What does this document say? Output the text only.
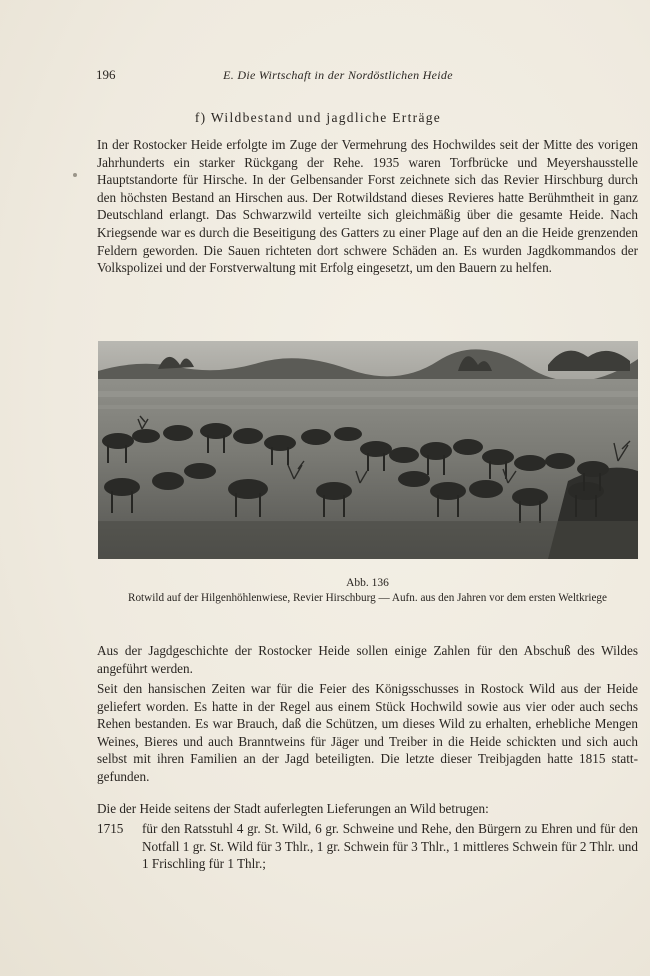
196	E. Die Wirtschaft in der Nordöstlichen Heide
f) Wildbestand und jagdliche Erträge

In der Rostocker Heide erfolgte im Zuge der Vermehrung des Hochwildes seit der Mitte des vorigen Jahrhunderts ein starker Rückgang der Rehe. 1935 waren Torfbrücke und Meyershausstelle Hauptstandorte für Hirsche. In der Gelbensander Forst zeichnete sich das Revier Hirschburg durch den höchsten Bestand an Hirschen aus. Der Rotwildstand dieses Revieres hatte Berühmtheit in ganz Deutschland erlangt. Das Schwarzwild verteilte sich gleichmäßig über die gesamte Heide. Nach Kriegsende war es durch die Beseitigung des Gatters zu einer Plage auf den an die Heide grenzenden Feldern geworden. Die Sauen richteten dort schwere Schäden an. Es wurden Jagdkommandos der Volkspolizei und der Forstverwaltung mit Erfolg eingesetzt, um den Bauern zu helfen.

Abb. 136

Rotwild auf der Hilgenhöhlenwiese, Revier Hirschburg — Aufn. aus den Jahren vor dem ersten Weltkriege

Aus der Jagdgeschichte der Rostocker Heide sollen einige Zahlen für den Abschuß des Wildes angeführt werden.

Seit den hansischen Zeiten war für die Feier des Königsschusses in Rostock Wild aus der Heide geliefert worden. Es hatte in der Regel aus einem Stück Hochwild sowie aus vier oder auch sechs Rehen bestanden. Es war Brauch, daß die Schützen, um dieses Wild zu erhalten, erhebliche Mengen Weines, Bieres und auch Branntweins für Jäger und Treiber in die Heide schickten und sich auch selbst mit ihren Familien an der Jagd beteiligten. Die letzte dieser Treibjagden hatte 1815 stattgefunden.

Die der Heide seitens der Stadt auferlegten Lieferungen an Wild betrugen:

1715	für den Ratsstuhl 4 gr. St. Wild, 6 gr. Schweine und Rehe, den Bürgern zu Ehren und für den Notfall 1 gr. St. Wild für 3 Thlr., 1 gr. Schwein für 3 Thlr., 1 mittleres Schwein für 2 Thlr. und 1 Frischling für 1 Thlr.;
